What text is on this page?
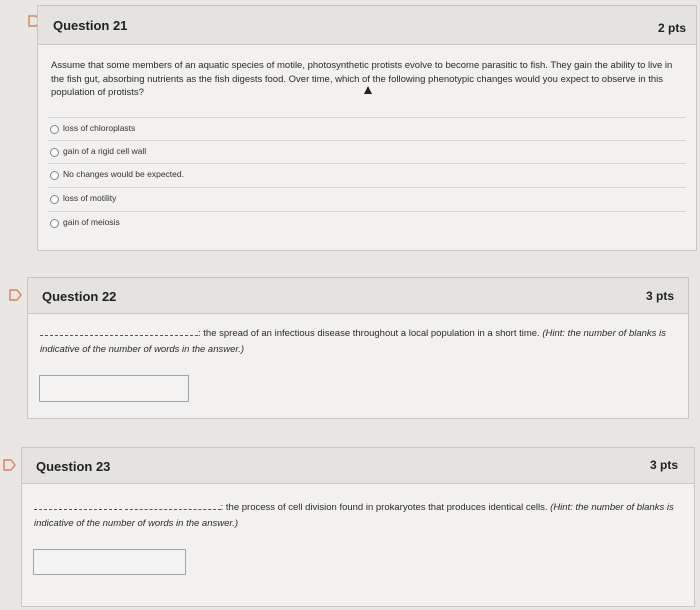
Question 21	2 pts
Assume that some members of an aquatic species of motile, photosynthetic protists evolve to become parasitic to fish. They gain the ability to live in the fish gut, absorbing nutrients as the fish digests food. Over time, which of the following phenotypic changes would you expect to observe in this population of protists?
loss of chloroplasts
gain of a rigid cell wall
No changes would be expected.
loss of motility
gain of meiosis
Question 22	3 pts
: the spread of an infectious disease throughout a local population in a short time. (Hint: the number of blanks is indicative of the number of words in the answer.)
Question 23	3 pts
: the process of cell division found in prokaryotes that produces identical cells. (Hint: the number of blanks is indicative of the number of words in the answer.)
